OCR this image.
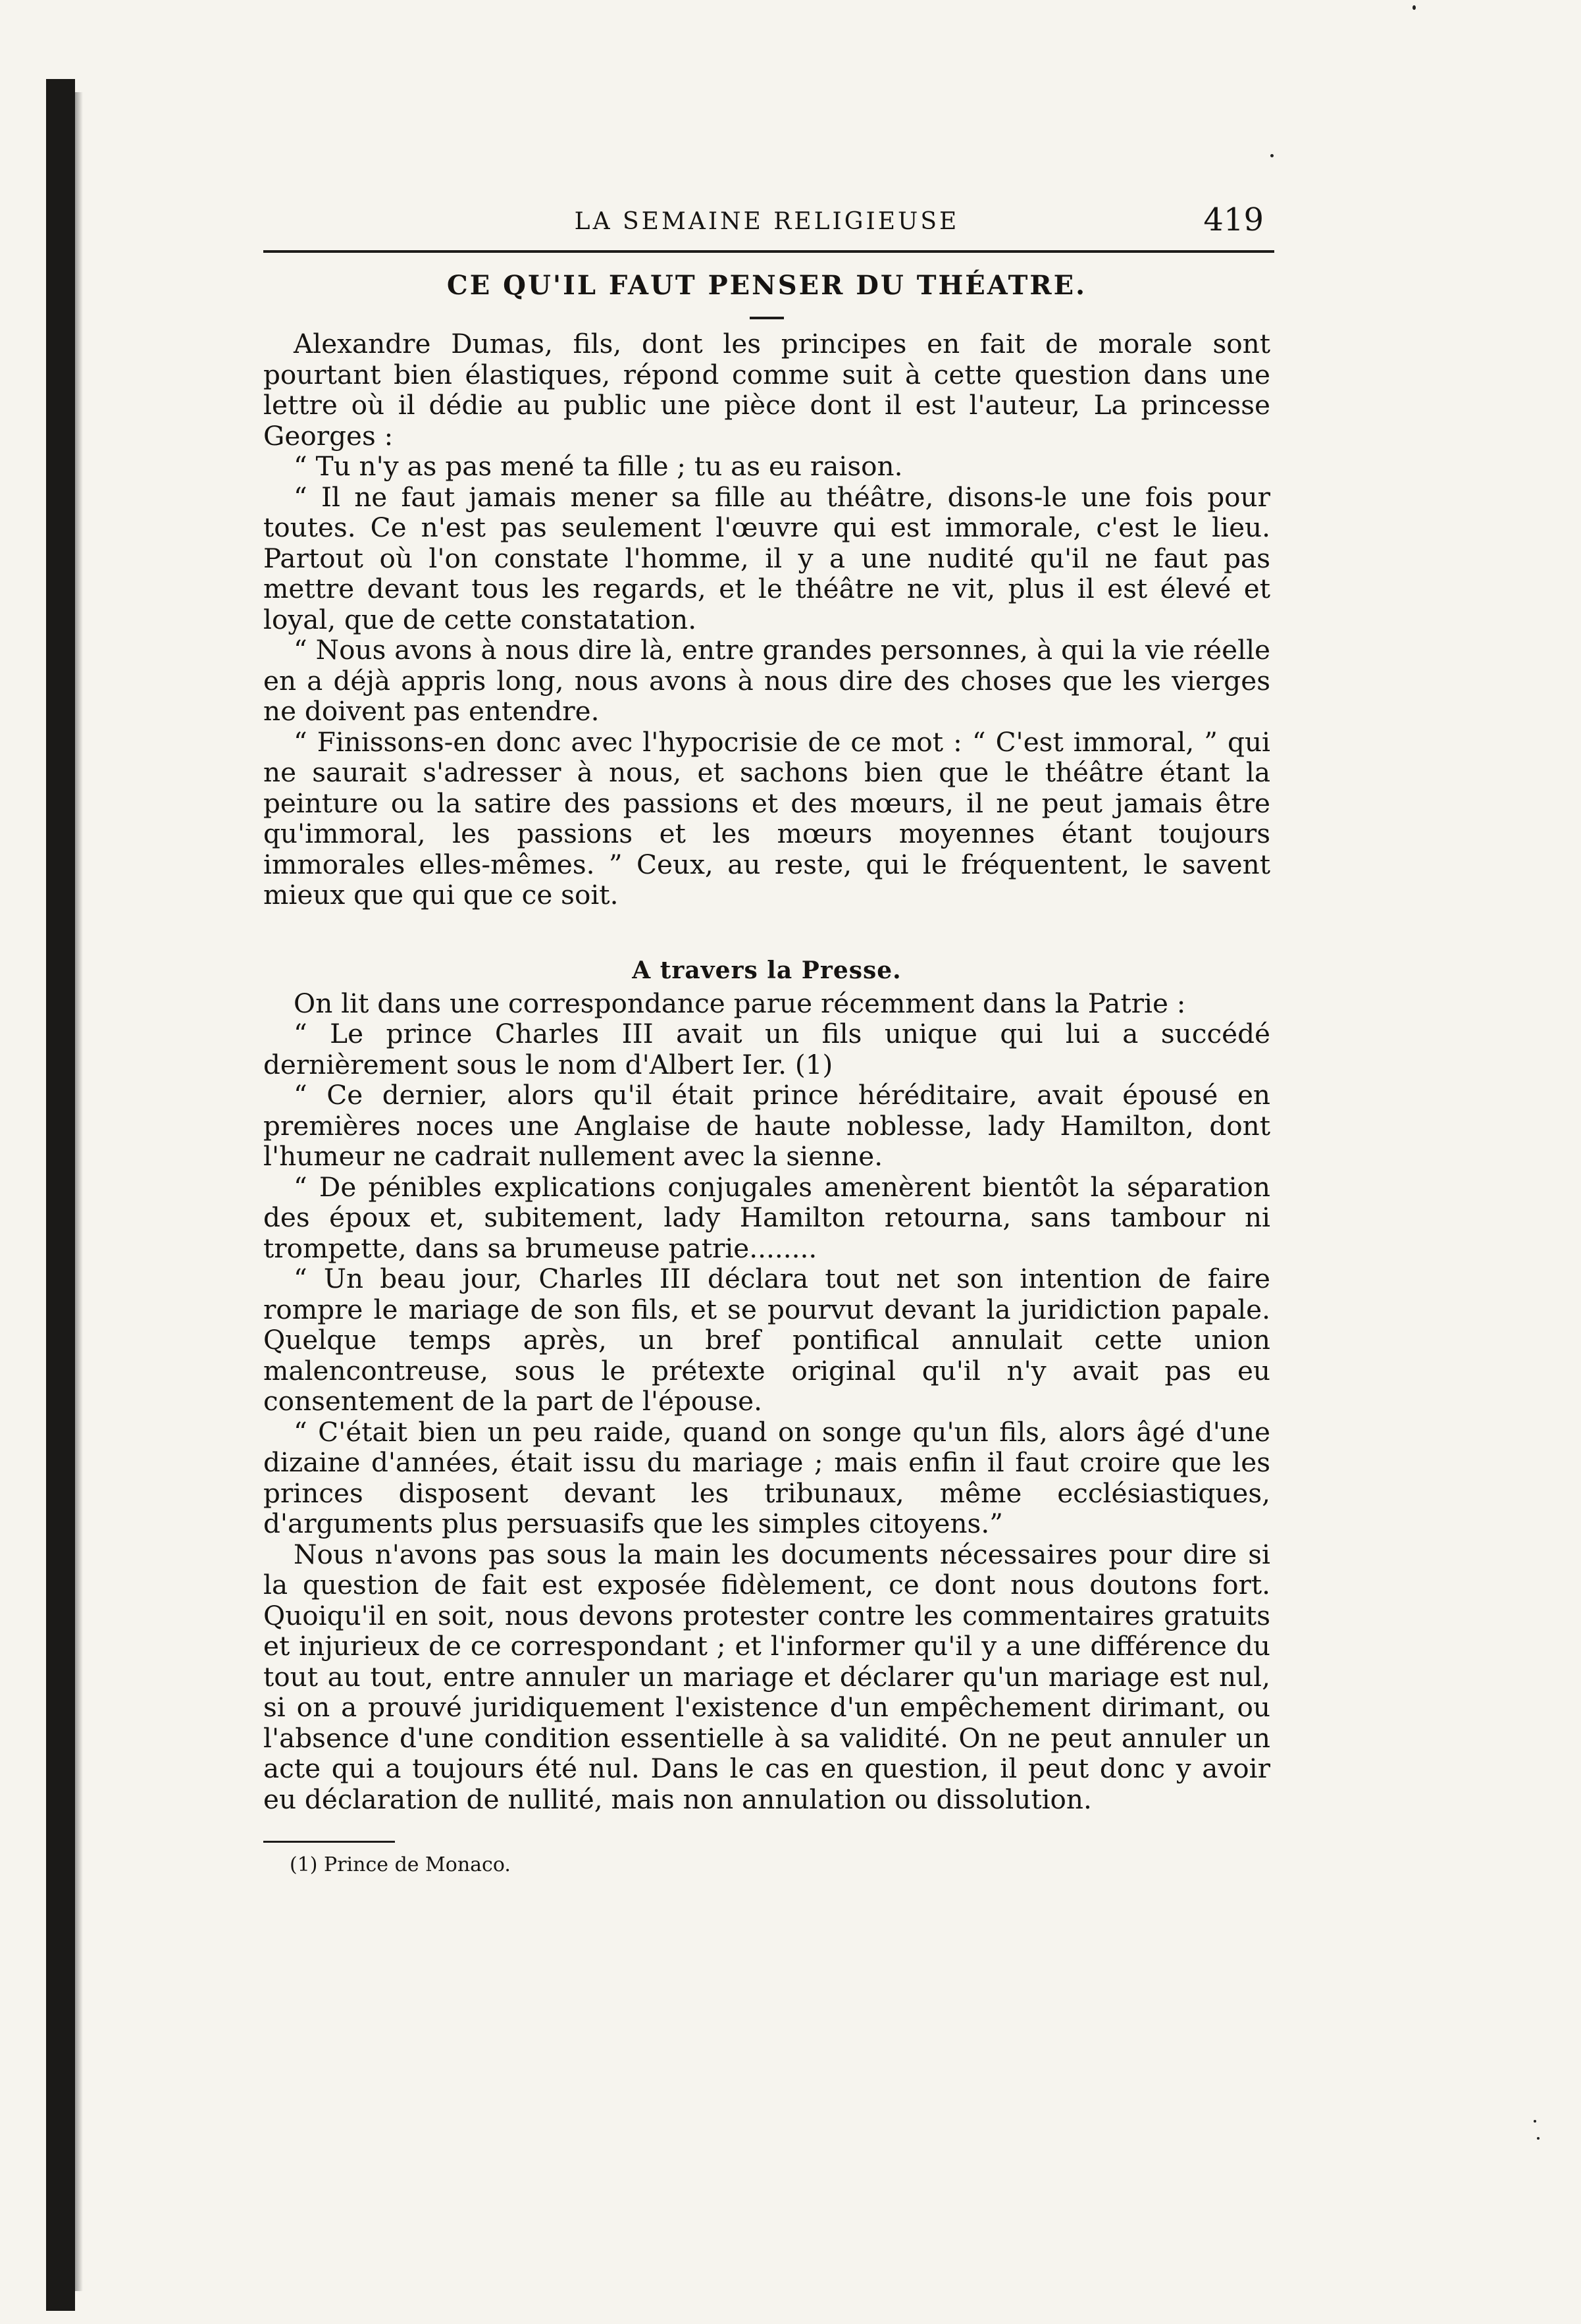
LA SEMAINE RELIGIEUSE	419
CE QU'IL FAUT PENSER DU THÉATRE.

Alexandre Dumas, fils, dont les principes en fait de morale sont pourtant bien élastiques, répond comme suit à cette question dans une lettre où il dédie au public une pièce dont il est l'auteur, La princesse Georges :

“ Tu n'y as pas mené ta fille ; tu as eu raison.

“ Il ne faut jamais mener sa fille au théâtre, disons-le une fois pour toutes. Ce n'est pas seulement l'œuvre qui est immorale, c'est le lieu. Partout où l'on constate l'homme, il y a une nudité qu'il ne faut pas mettre devant tous les regards, et le théâtre ne vit, plus il est élevé et loyal, que de cette constatation.

“ Nous avons à nous dire là, entre grandes personnes, à qui la vie réelle en a déjà appris long, nous avons à nous dire des choses que les vierges ne doivent pas entendre.

“ Finissons-en donc avec l'hypocrisie de ce mot : “ C'est immoral, ” qui ne saurait s'adresser à nous, et sachons bien que le théâtre étant la peinture ou la satire des passions et des mœurs, il ne peut jamais être qu'immoral, les passions et les mœurs moyennes étant toujours immorales elles-mêmes. ” Ceux, au reste, qui le fréquentent, le savent mieux que qui que ce soit.

A travers la Presse.

On lit dans une correspondance parue récemment dans la Patrie :

“ Le prince Charles III avait un fils unique qui lui a succédé dernièrement sous le nom d'Albert Ier. (1)

“ Ce dernier, alors qu'il était prince héréditaire, avait épousé en premières noces une Anglaise de haute noblesse, lady Hamilton, dont l'humeur ne cadrait nullement avec la sienne.

“ De pénibles explications conjugales amenèrent bientôt la séparation des époux et, subitement, lady Hamilton retourna, sans tambour ni trompette, dans sa brumeuse patrie........

“ Un beau jour, Charles III déclara tout net son intention de faire rompre le mariage de son fils, et se pourvut devant la juridiction papale. Quelque temps après, un bref pontifical annulait cette union malencontreuse, sous le prétexte original qu'il n'y avait pas eu consentement de la part de l'épouse.

“ C'était bien un peu raide, quand on songe qu'un fils, alors âgé d'une dizaine d'années, était issu du mariage ; mais enfin il faut croire que les princes disposent devant les tribunaux, même ecclésiastiques, d'arguments plus persuasifs que les simples citoyens.”

Nous n'avons pas sous la main les documents nécessaires pour dire si la question de fait est exposée fidèlement, ce dont nous doutons fort. Quoiqu'il en soit, nous devons protester contre les commentaires gratuits et injurieux de ce correspondant ; et l'informer qu'il y a une différence du tout au tout, entre annuler un mariage et déclarer qu'un mariage est nul, si on a prouvé juridiquement l'existence d'un empêchement dirimant, ou l'absence d'une condition essentielle à sa validité. On ne peut annuler un acte qui a toujours été nul. Dans le cas en question, il peut donc y avoir eu déclaration de nullité, mais non annulation ou dissolution.

(1) Prince de Monaco.
